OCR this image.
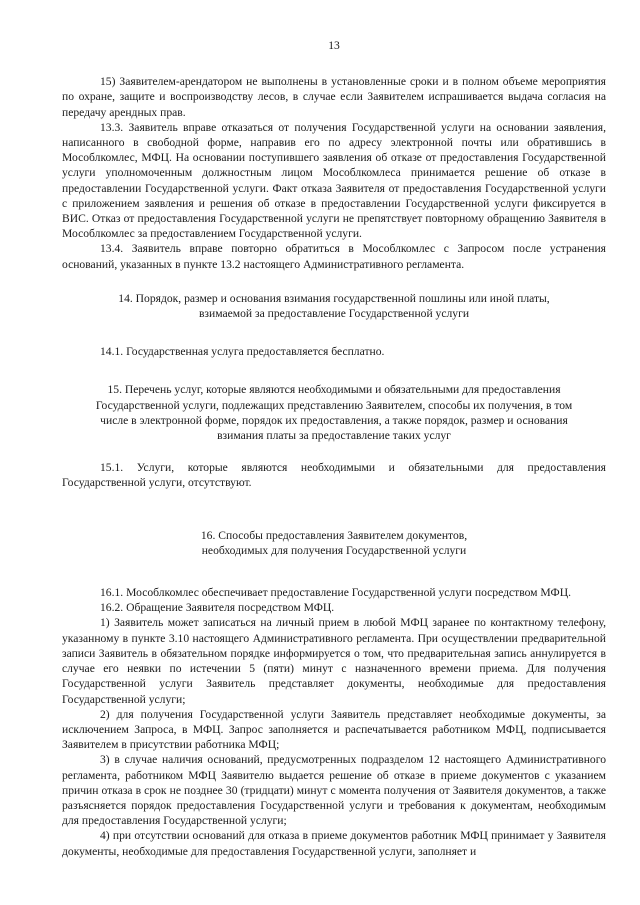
13

15) Заявителем-арендатором не выполнены в установленные сроки и в полном объеме мероприятия по охране, защите и воспроизводству лесов, в случае если Заявителем испрашивается выдача согласия на передачу арендных прав.

13.3. Заявитель вправе отказаться от получения Государственной услуги на основании заявления, написанного в свободной форме, направив его по адресу электронной почты или обратившись в Мособлкомлес, МФЦ. На основании поступившего заявления об отказе от предоставления Государственной услуги уполномоченным должностным лицом Мособлкомлеса принимается решение об отказе в предоставлении Государственной услуги. Факт отказа Заявителя от предоставления Государственной услуги с приложением заявления и решения об отказе в предоставлении Государственной услуги фиксируется в ВИС. Отказ от предоставления Государственной услуги не препятствует повторному обращению Заявителя в Мособлкомлес за предоставлением Государственной услуги.

13.4. Заявитель вправе повторно обратиться в Мособлкомлес с Запросом после устранения оснований, указанных в пункте 13.2 настоящего Административного регламента.

14. Порядок, размер и основания взимания государственной пошлины или иной платы,
взимаемой за предоставление Государственной услуги

14.1. Государственная услуга предоставляется бесплатно.

15. Перечень услуг, которые являются необходимыми и обязательными для предоставления
Государственной услуги, подлежащих представлению Заявителем, способы их получения, в том
числе в электронной форме, порядок их предоставления, а также порядок, размер и основания
взимания платы за предоставление таких услуг

15.1. Услуги, которые являются необходимыми и обязательными для предоставления Государственной услуги, отсутствуют.

16. Способы предоставления Заявителем документов,
необходимых для получения Государственной услуги

16.1. Мособлкомлес обеспечивает предоставление Государственной услуги посредством МФЦ.

16.2. Обращение Заявителя посредством МФЦ.

1) Заявитель может записаться на личный прием в любой МФЦ заранее по контактному телефону, указанному в пункте 3.10 настоящего Административного регламента. При осуществлении предварительной записи Заявитель в обязательном порядке информируется о том, что предварительная запись аннулируется в случае его неявки по истечении 5 (пяти) минут с назначенного времени приема. Для получения Государственной услуги Заявитель представляет документы, необходимые для предоставления Государственной услуги;

2) для получения Государственной услуги Заявитель представляет необходимые документы, за исключением Запроса, в МФЦ. Запрос заполняется и распечатывается работником МФЦ, подписывается Заявителем в присутствии работника МФЦ;

3) в случае наличия оснований, предусмотренных подразделом 12 настоящего Административного регламента, работником МФЦ Заявителю выдается решение об отказе в приеме документов с указанием причин отказа в срок не позднее 30 (тридцати) минут с момента получения от Заявителя документов, а также разъясняется порядок предоставления Государственной услуги и требования к документам, необходимым для предоставления Государственной услуги;

4) при отсутствии оснований для отказа в приеме документов работник МФЦ принимает у Заявителя документы, необходимые для предоставления Государственной услуги, заполняет и
